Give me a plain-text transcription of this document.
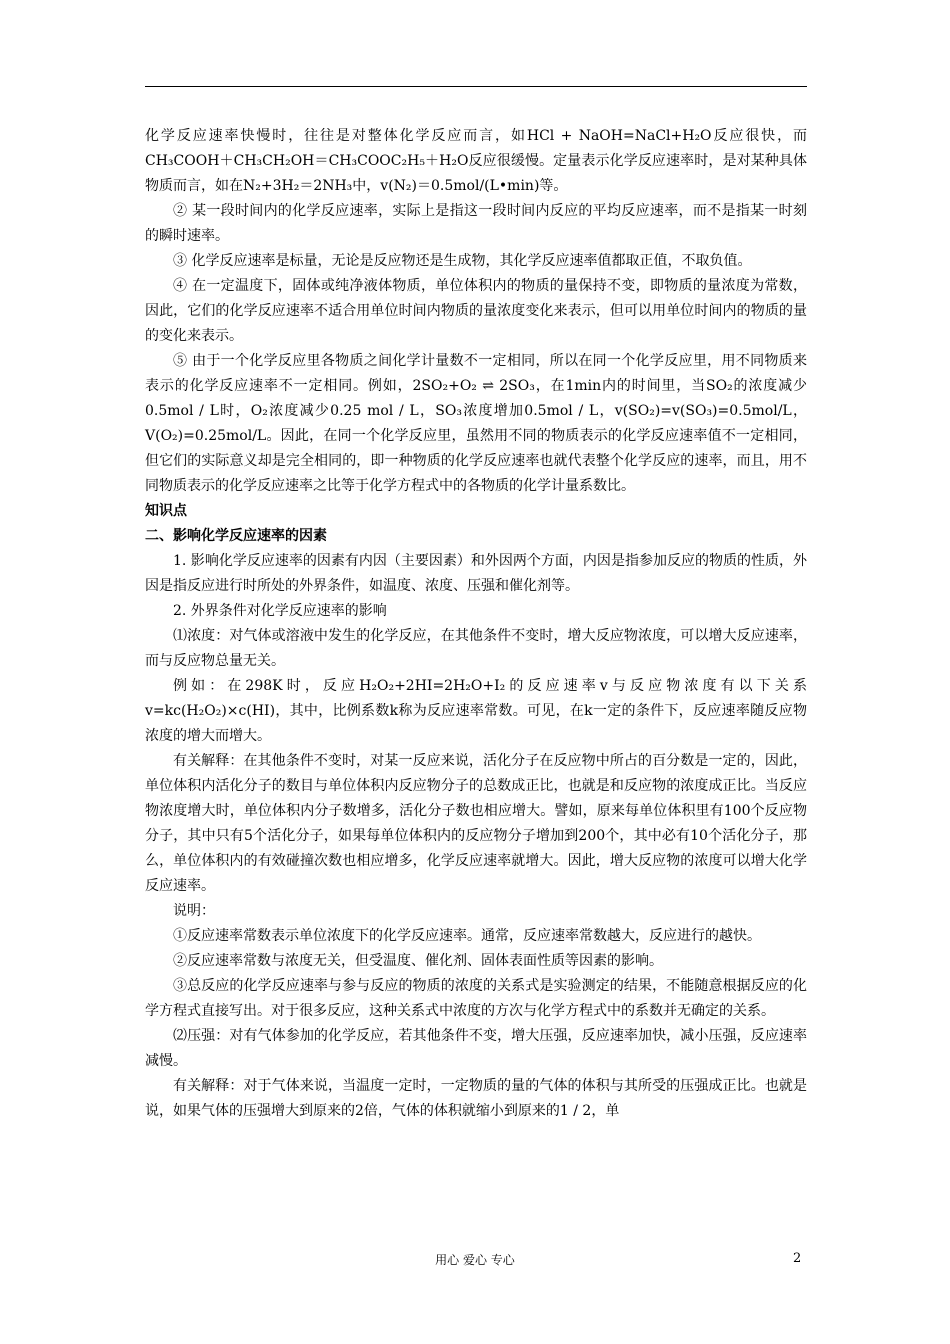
化学反应速率快慢时，往往是对整体化学反应而言，如HCl + NaOH=NaCl+H₂O反应很快，而CH₃COOH＋CH₃CH₂OH＝CH₃COOC₂H₅＋H₂O反应很缓慢。定量表示化学反应速率时，是对某种具体物质而言，如在N₂+3H₂＝2NH₃中，v(N₂)＝0.5mol/(L•min)等。

② 某一段时间内的化学反应速率，实际上是指这一段时间内反应的平均反应速率，而不是指某一时刻的瞬时速率。

③ 化学反应速率是标量，无论是反应物还是生成物，其化学反应速率值都取正值，不取负值。

④ 在一定温度下，固体或纯净液体物质，单位体积内的物质的量保持不变，即物质的量浓度为常数，因此，它们的化学反应速率不适合用单位时间内物质的量浓度变化来表示，但可以用单位时间内的物质的量的变化来表示。

⑤ 由于一个化学反应里各物质之间化学计量数不一定相同，所以在同一个化学反应里，用不同物质来表示的化学反应速率不一定相同。例如，2SO₂+O₂ ⇌ 2SO₃，在1min内的时间里，当SO₂的浓度减少0.5mol / L时，O₂浓度减少0.25 mol / L，SO₃浓度增加0.5mol / L，v(SO₂)=v(SO₃)=0.5mol/L，V(O₂)=0.25mol/L。因此，在同一个化学反应里，虽然用不同的物质表示的化学反应速率值不一定相同，但它们的实际意义却是完全相同的，即一种物质的化学反应速率也就代表整个化学反应的速率，而且，用不同物质表示的化学反应速率之比等于化学方程式中的各物质的化学计量系数比。

知识点

二、影响化学反应速率的因素

1. 影响化学反应速率的因素有内因（主要因素）和外因两个方面，内因是指参加反应的物质的性质，外因是指反应进行时所处的外界条件，如温度、浓度、压强和催化剂等。

2. 外界条件对化学反应速率的影响

⑴浓度：对气体或溶液中发生的化学反应，在其他条件不变时，增大反应物浓度，可以增大反应速率，而与反应物总量无关。

例如：在298K时，反应H₂O₂+2HI=2H₂O+I₂的反应速率v与反应物浓度有以下关系v=kc(H₂O₂)×c(HI)，其中，比例系数k称为反应速率常数。可见，在k一定的条件下，反应速率随反应物浓度的增大而增大。

有关解释：在其他条件不变时，对某一反应来说，活化分子在反应物中所占的百分数是一定的，因此，单位体积内活化分子的数目与单位体积内反应物分子的总数成正比，也就是和反应物的浓度成正比。当反应物浓度增大时，单位体积内分子数增多，活化分子数也相应增大。譬如，原来每单位体积里有100个反应物分子，其中只有5个活化分子，如果每单位体积内的反应物分子增加到200个，其中必有10个活化分子，那么，单位体积内的有效碰撞次数也相应增多，化学反应速率就增大。因此，增大反应物的浓度可以增大化学反应速率。

说明：

①反应速率常数表示单位浓度下的化学反应速率。通常，反应速率常数越大，反应进行的越快。

②反应速率常数与浓度无关，但受温度、催化剂、固体表面性质等因素的影响。

③总反应的化学反应速率与参与反应的物质的浓度的关系式是实验测定的结果，不能随意根据反应的化学方程式直接写出。对于很多反应，这种关系式中浓度的方次与化学方程式中的系数并无确定的关系。

⑵压强：对有气体参加的化学反应，若其他条件不变，增大压强，反应速率加快，减小压强，反应速率减慢。

有关解释：对于气体来说，当温度一定时，一定物质的量的气体的体积与其所受的压强成正比。也就是说，如果气体的压强增大到原来的2倍，气体的体积就缩小到原来的1 / 2，单

用心 爱心 专心	2
